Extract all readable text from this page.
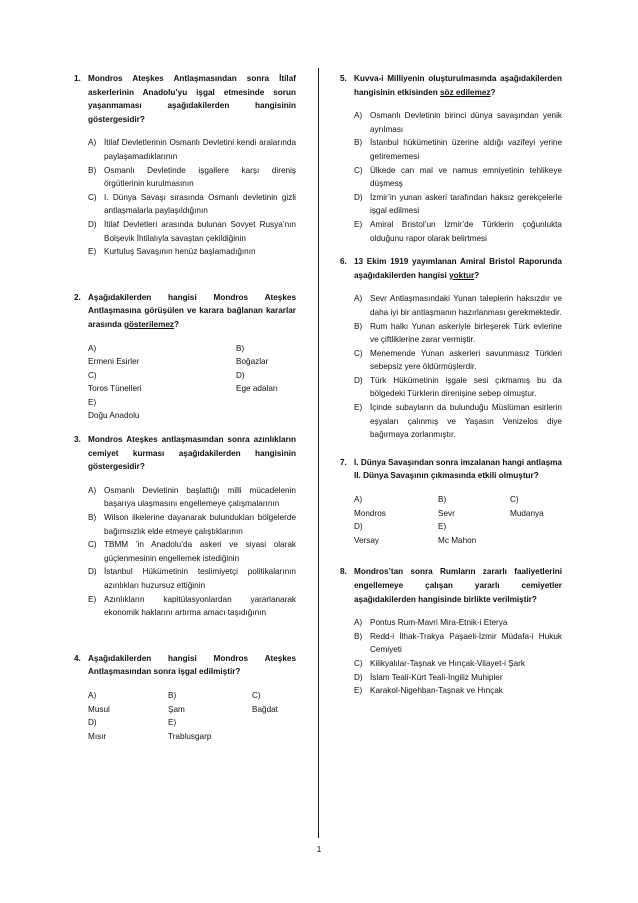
1. Mondros Ateşkes Antlaşmasından sonra İtilaf askerlerinin Anadolu’yu işgal etmesinde sorun yaşanmaması aşağıdakilerden hangisinin göstergesidir?
A) İtilaf Devletlerinin Osmanlı Devletini kendi aralarında paylaşamadıklarının
B) Osmanlı Devletinde işgallere karşı direniş örgütlerinin kurulmasının
C) I. Dünya Savaşı sırasında Osmanlı devletinin gizli antlaşmalarla paylaşıldığının
D) İtilaf Devletleri arasında bulunan Sovyet Rusya’nın Bolşevik İhtilalıyla savaştan çekildiğinin
E) Kurtuluş Savaşının henüz başlamadığının
2. Aşağıdakilerden hangisi Mondros Ateşkes Antlaşmasına görüşülen ve karara bağlanan kararlar arasında gösterilemez?
A)
Ermeni Esirler
B)
Boğazlar
C)
Toros Tünelleri
D)
Ege adaları
E)
Doğu Anadolu
3. Mondros Ateşkes antlaşmasından sonra azınlıkların cemiyet kurması aşağıdakilerden hangisinin göstergesidir?
A) Osmanlı Devletinin başlattığı milli mücadelenin başarıya ulaşmasını engellemeye çalışmalarının
B) Wilson ilkelerine dayanarak bulundukları bölgelerde bağımsızlık elde etmeye çalıştıklarının
C) TBMM ’in Anadolu’da askeri ve siyasi olarak güçlenmesinin engellemek istediğinin
D) İstanbul Hükümetinin teslimiyetçi politikalarının azınlıkları huzursuz ettiğinin
E) Azınlıkların kapitülasyonlardan yararlanarak ekonomik haklarını artırma amacı taşıdığının
4. Aşağıdakilerden hangisi Mondros Ateşkes Antlaşmasından sonra işgal edilmiştir?
A)
Musul
B)
Şam
C)
Bağdat
D)
Mısır
E)
Trablusgarp
5. Kuvva-i Milliyenin oluşturulmasında aşağıdakilerden hangisinin etkisinden söz edilemez?
A) Osmanlı Devletinin birinci dünya savaşından yenik ayrılması
B) İstanbul hükümetinin üzerine aldığı vazifeyi yerine getirememesi
C) Ülkede can mal ve namus emniyetinin tehlikeye düşmesş
D) İzmir’in yunan askeri tarafından haksız gerekçelerle işgal edilmesi
E) Amiral Bristol’un İzmir’de Türklerin çoğunlukta olduğunu rapor olarak belirtmesi
6. 13 Ekim 1919 yayımlanan Amiral Bristol Raporunda aşağıdakilerden hangisi yoktur?
A) Sevr Antlaşmasındaki Yunan taleplerin haksızdır ve daha iyi bir antlaşmanın hazırlanması gerekmektedir.
B) Rum halkı Yunan askeriyle birleşerek Türk evlerine ve çiftliklerine zarar vermiştir.
C) Menemende Yunan askerleri savunmasız Türkleri sebepsiz yere öldürmüşlerdir.
D) Türk Hükümetinin işgale sesi çıkmamış bu da bölgedeki Türklerin direnişine sebep olmuştur.
E) İçinde subayların da bulunduğu Müslüman esirlerin eşyaları çalınmış ve Yaşasın Venizelos diye bağırmaya zorlanmıştır.
7. I. Dünya Savaşından sonra imzalanan hangi antlaşma II. Dünya Savaşının çıkmasında etkili olmuştur?
A)
Mondros
B)
Sevr
C)
Mudanya
D)
Versay
E)
Mc Mahon
8. Mondros’tan sonra Rumların zararlı faaliyetlerini engellemeye çalışan yararlı cemiyetler aşağıdakilerden hangisinde birlikte verilmiştir?
A) Pontus Rum-Mavri Mira-Etnik-i Eterya
B) Redd-i İlhak-Trakya Paşaeli-İzmir Müdafa-i Hukuk Cemiyeti
C) Kilikyalılar-Taşnak ve Hınçak-Vilayet-i Şark
D) İslam Teali-Kürt Teali-İngiliz Muhipler
E) Karakol-Nigehban-Taşnak ve Hınçak
1
